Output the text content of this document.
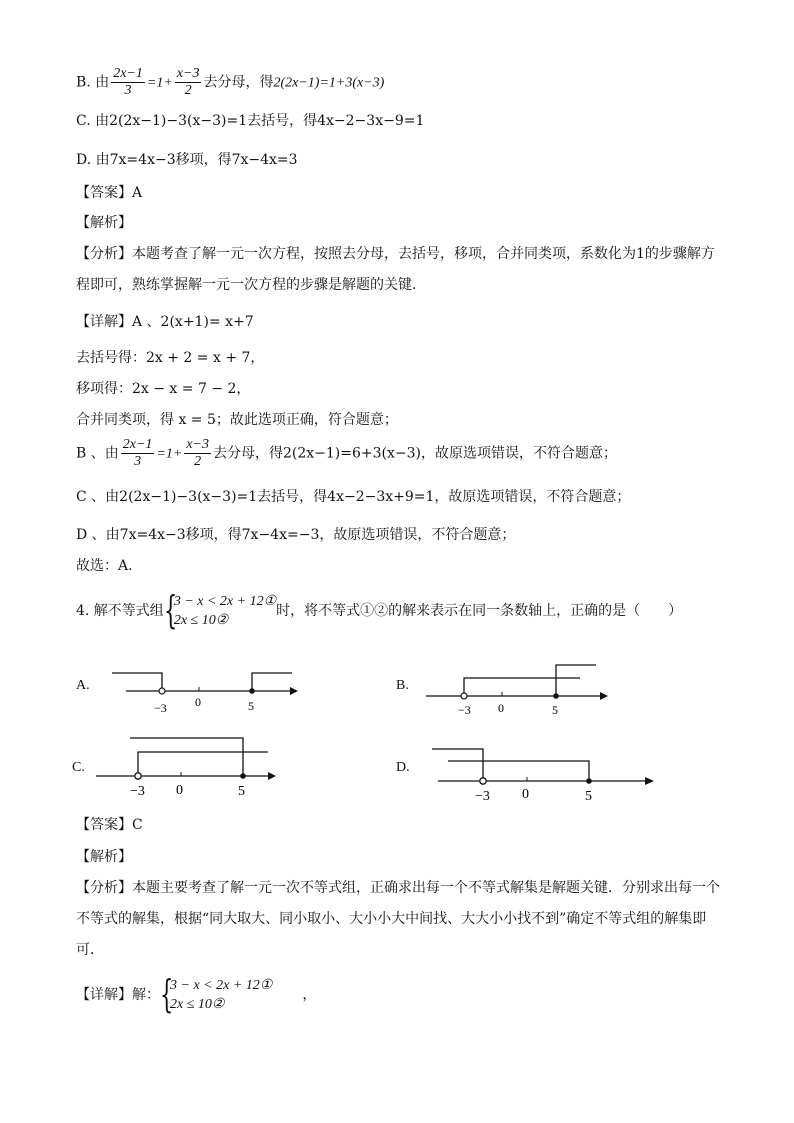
B. 由 $\frac{2x-1}{3} =1+ \frac{x-3}{2}$ 去分母，得2(2x−1)=1+3(x−3)
C. 由2(2x−1)−3(x−3)=1去括号，得4x−2−3x−9=1
D. 由7x=4x−3移项，得7x−4x=3
【答案】A
【解析】
【分析】本题考查了解一元一次方程，按照去分母，去括号，移项，合并同类项，系数化为1的步骤解方
程即可，熟练掌握解一元一次方程的步骤是解题的关键．
【详解】A 、2(x+1)= x+7
去括号得：2x + 2 = x + 7，
移项得：2x − x = 7 − 2，
合并同类项，得 x = 5；故此选项正确，符合题意；
B 、由 $\frac{2x-1}{3} =1+ \frac{x-3}{2}$ 去分母，得2(2x−1)=6+3(x−3)，故原选项错误，不符合题意；
C 、由2(2x−1)−3(x−3)=1去括号，得4x−2−3x+9=1，故原选项错误，不符合题意；
D 、由7x=4x−3移项，得7x−4x=−3，故原选项错误，不符合题意；
故选：A．
4. 解不等式组 {
3 − x < 2x + 12①
2x ≤ 10②
时，将不等式①②的解来表示在同一条数轴上，正确的是（　　）
A.
−3 0	5
B.
−3 0	5
C.
−3 0	5
D.
−3 0	5
【答案】C
【解析】
【分析】本题主要考查了解一元一次不等式组，正确求出每一个不等式解集是解题关键．分别求出每一个
不等式的解集，根据“同大取大、同小取小、大小小大中间找、大大小小找不到”确定不等式组的解集即
可．
【详解】解： {
3 − x < 2x + 12①
2x ≤ 10②
，
